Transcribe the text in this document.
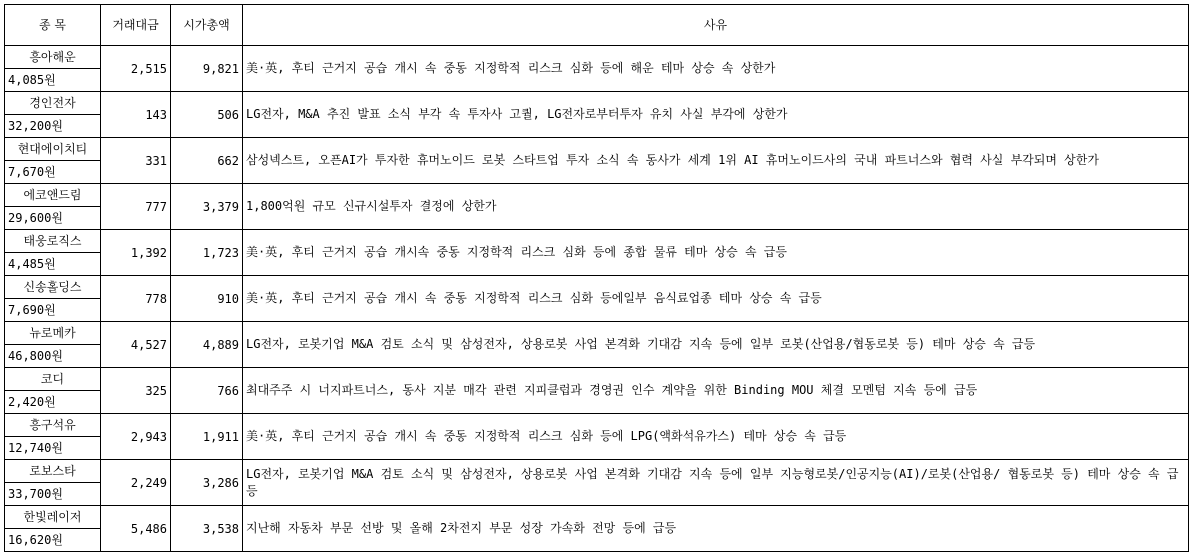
종 목	거래대금	시가총액	사유
흥아해운	2,515	9,821	美·英, 후티 근거지 공습 개시 속 중동 지정학적 리스크 심화 등에 해운 테마 상승 속 상한가
4,085원			
경인전자	143	506	LG전자, M&A 추진 발표 소식 부각 속 투자사 고퀄, LG전자로부터투자 유치 사실 부각에 상한가
32,200원			
현대에이치티	331	662	삼성넥스트, 오픈AI가 투자한 휴머노이드 로봇 스타트업 투자 소식 속 동사가 세계 1위 AI 휴머노이드사의 국내 파트너스와 협력 사실 부각되며 상한가
7,670원			
에코앤드림	777	3,379	1,800억원 규모 신규시설투자 결정에 상한가
29,600원			
태웅로직스	1,392	1,723	美·英, 후티 근거지 공습 개시속 중동 지정학적 리스크 심화 등에 종합 물류 테마 상승 속 급등
4,485원			
신송홀딩스	778	910	美·英, 후티 근거지 공습 개시 속 중동 지정학적 리스크 심화 등에일부 음식료업종 테마 상승 속 급등
7,690원			
뉴로메카	4,527	4,889	LG전자, 로봇기업 M&A 검토 소식 및 삼성전자, 상용로봇 사업 본격화 기대감 지속 등에 일부 로봇(산업용/협동로봇 등) 테마 상승 속 급등
46,800원			
코디	325	766	최대주주 시 너지파트너스, 동사 지분 매각 관련 지피클럽과 경영권 인수 계약을 위한 Binding MOU 체결 모멘텀 지속 등에 급등
2,420원			
흥구석유	2,943	1,911	美·英, 후티 근거지 공습 개시 속 중동 지정학적 리스크 심화 등에 LPG(액화석유가스) 테마 상승 속 급등
12,740원			
로보스타	2,249	3,286	LG전자, 로봇기업 M&A 검토 소식 및 삼성전자, 상용로봇 사업 본격화 기대감 지속 등에 일부 지능형로봇/인공지능(AI)/로봇(산업용/ 협동로봇 등) 테마 상승 속 급등
33,700원			
한빛레이저	5,486	3,538	지난해 자동차 부문 선방 및 올해 2차전지 부문 성장 가속화 전망 등에 급등
16,620원			
